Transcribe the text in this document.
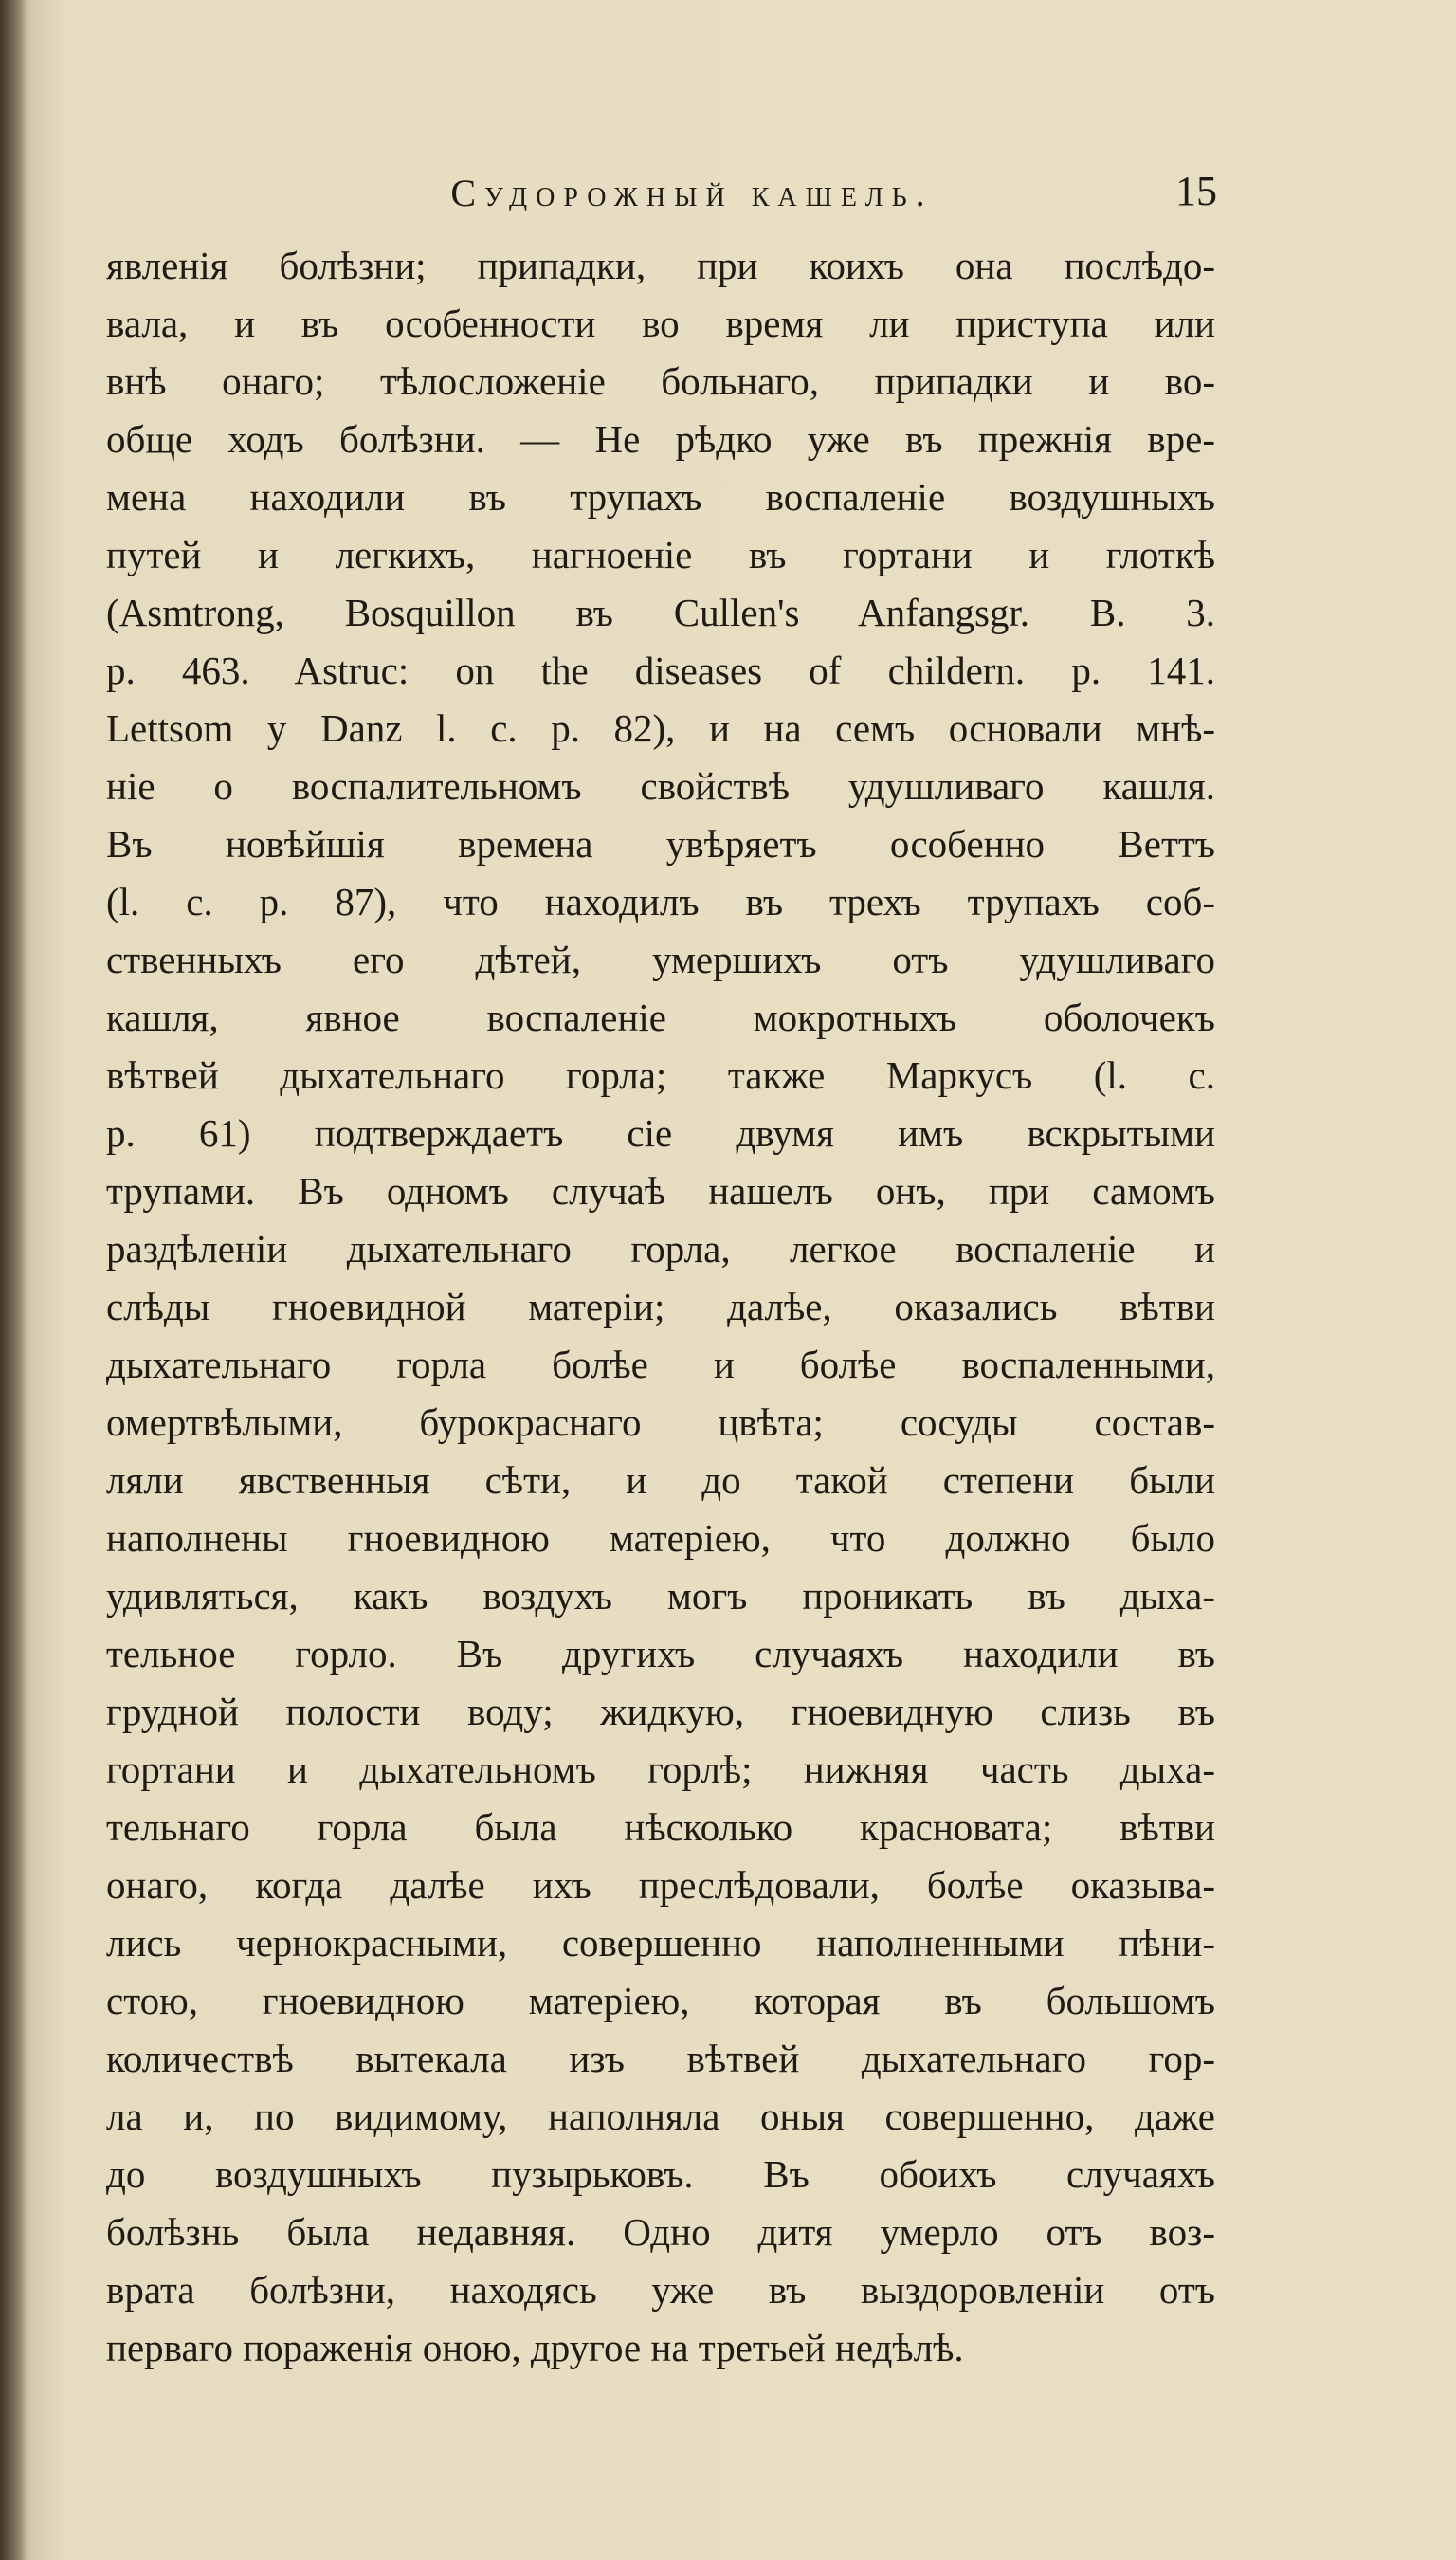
Судорожный кашель.	15
явленія болѣзни; припадки, при коихъ она послѣдо-
вала, и въ особенности во время ли приступа или
внѣ онаго; тѣлосложеніе больнаго, припадки и во-
обще ходъ болѣзни. — Не рѣдко уже въ прежнія вре-
мена находили въ трупахъ воспаленіе воздушныхъ
путей и легкихъ, нагноеніе въ гортани и глоткѣ
(Asmtrong, Bosquillon въ Cullen's Anfangsgr. B. 3.
p. 463. Astruc: on the diseases of childern. p. 141.
Lettsom y Danz l. c. p. 82), и на семъ основали мнѣ-
ніе о воспалительномъ свойствѣ удушливаго кашля.
Въ новѣйшія времена увѣряетъ особенно Веттъ
(l. c. p. 87), что находилъ въ трехъ трупахъ соб-
ственныхъ его дѣтей, умершихъ отъ удушливаго
кашля, явное воспаленіе мокротныхъ оболочекъ
вѣтвей дыхательнаго горла; также Маркусъ (l. c.
p. 61) подтверждаетъ сіе двумя имъ вскрытыми
трупами. Въ одномъ случаѣ нашелъ онъ, при самомъ
раздѣленіи дыхательнаго горла, легкое воспаленіе и
слѣды гноевидной матеріи; далѣе, оказались вѣтви
дыхательнаго горла болѣе и болѣе воспаленными,
омертвѣлыми, бурокраснаго цвѣта; сосуды состав-
ляли явственныя сѣти, и до такой степени были
наполнены гноевидною матеріею, что должно было
удивляться, какъ воздухъ могъ проникать въ дыха-
тельное горло. Въ другихъ случаяхъ находили въ
грудной полости воду; жидкую, гноевидную слизь въ
гортани и дыхательномъ горлѣ; нижняя часть дыха-
тельнаго горла была нѣсколько красновата; вѣтви
онаго, когда далѣе ихъ преслѣдовали, болѣе оказыва-
лись чернокрасными, совершенно наполненными пѣни-
стою, гноевидною матеріею, которая въ большомъ
количествѣ вытекала изъ вѣтвей дыхательнаго гор-
ла и, по видимому, наполняла оныя совершенно, даже
до воздушныхъ пузырьковъ. Въ обоихъ случаяхъ
болѣзнь была недавняя. Одно дитя умерло отъ воз-
врата болѣзни, находясь уже въ выздоровленіи отъ
перваго пораженія оною, другое на третьей недѣлѣ.
